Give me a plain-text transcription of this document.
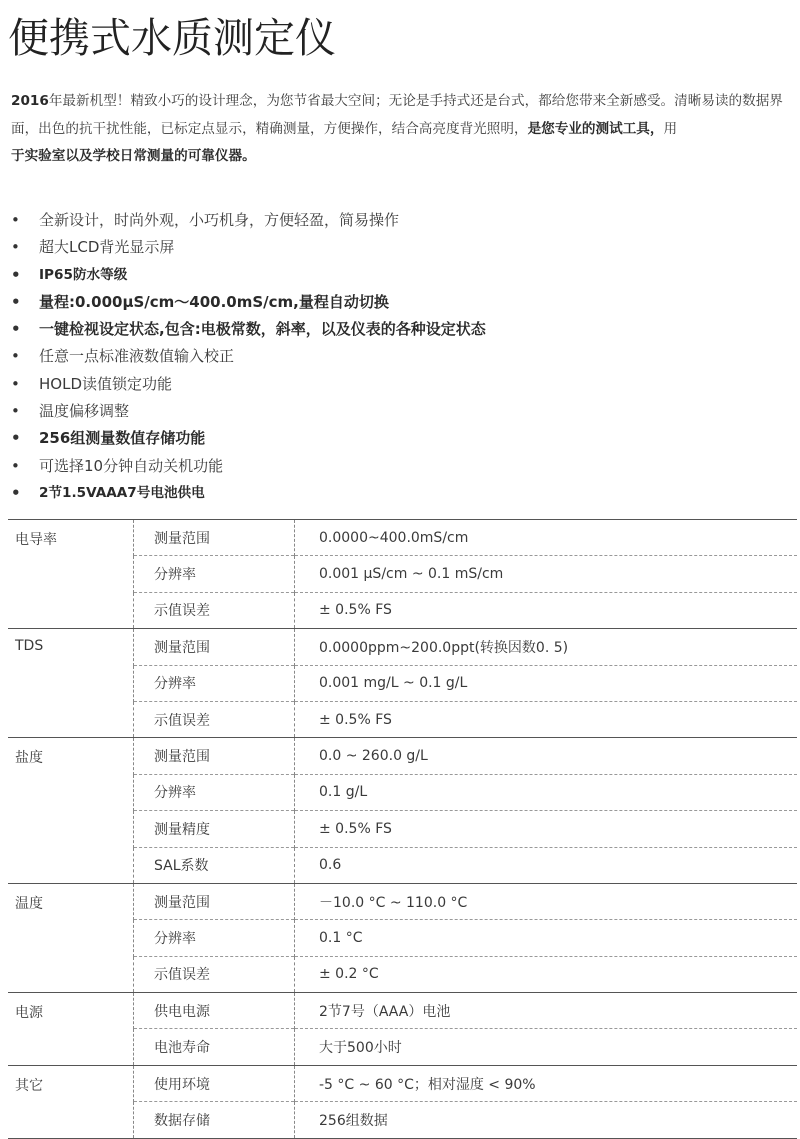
便携式水质测定仪

2016年最新机型！精致小巧的设计理念，为您节省最大空间；无论是手持式还是台式，都给您带来全新感受。清晰易读的数据界面，出色的抗干扰性能，已标定点显示，精确测量，方便操作，结合高亮度背光照明，是您专业的测试工具，用
于实验室以及学校日常测量的可靠仪器。

• 全新设计，时尚外观，小巧机身，方便轻盈，简易操作
• 超大LCD背光显示屏
• IP65防水等级
• 量程:0.000µS/cm～400.0mS/cm,量程自动切换
• 一键检视设定状态,包含:电极常数，斜率，以及仪表的各种设定状态
• 任意一点标准液数值输入校正
• HOLD读值锁定功能
• 温度偏移调整
• 256组测量数值存储功能
• 可选择10分钟自动关机功能
• 2节1.5VAAA7号电池供电
电导率	测量范围	0.0000~400.0mS/cm
	分辨率	0.001 µS/cm ~ 0.1 mS/cm
	示值误差	± 0.5% FS
TDS	测量范围	0.0000ppm~200.0ppt(转换因数0. 5)
	分辨率	0.001 mg/L ~ 0.1 g/L
	示值误差	± 0.5% FS
盐度	测量范围	0.0 ~ 260.0 g/L
	分辨率	0.1 g/L
	测量精度	± 0.5% FS
	SAL系数	0.6
温度	测量范围	－10.0 °C ~ 110.0 °C
	分辨率	0.1 °C
	示值误差	± 0.2 °C
电源	供电电源	2节7号（AAA）电池
	电池寿命	大于500小时
其它	使用环境	-5 °C ~ 60 °C；相对湿度 < 90%
	数据存储	256组数据
